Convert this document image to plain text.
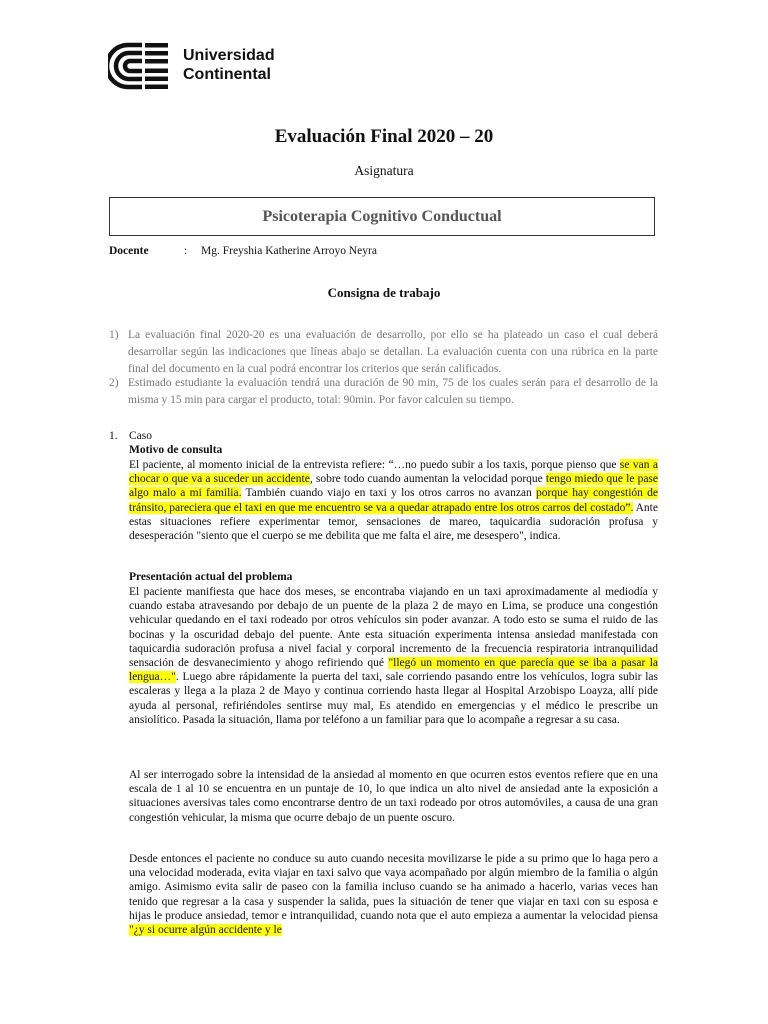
Universidad
Continental
Evaluación Final 2020 – 20
Asignatura
Psicoterapia Cognitivo Conductual
Docente	: Mg. Freyshia Katherine Arroyo Neyra
Consigna de trabajo
1) La evaluación final 2020-20 es una evaluación de desarrollo, por ello se ha plateado un caso el cual deberá desarrollar según las indicaciones que líneas abajo se detallan. La evaluación cuenta con una rúbrica en la parte final del documento en la cual podrá encontrar los criterios que serán calificados.
2) Estimado estudiante la evaluación tendrá una duración de 90 min, 75 de los cuales serán para el desarrollo de la misma y 15 min para cargar el producto, total: 90min. Por favor calculen su tiempo.
1. Caso
Motivo de consulta
El paciente, al momento inicial de la entrevista refiere: “…no puedo subir a los taxis, porque pienso que se van a chocar o que va a suceder un accidente, sobre todo cuando aumentan la velocidad porque tengo miedo que le pase algo malo a mi familia. También cuando viajo en taxi y los otros carros no avanzan porque hay congestión de tránsito, pareciera que el taxi en que me encuentro se va a quedar atrapado entre los otros carros del costado”. Ante estas situaciones refiere experimentar temor, sensaciones de mareo, taquicardia sudoración profusa y desesperación "siento que el cuerpo se me debilita que me falta el aire, me desespero", indica.
Presentación actual del problema
El paciente manifiesta que hace dos meses, se encontraba viajando en un taxi aproximadamente al mediodía y cuando estaba atravesando por debajo de un puente de la plaza 2 de mayo en Lima, se produce una congestión vehicular quedando en el taxi rodeado por otros vehículos sin poder avanzar. A todo esto se suma el ruido de las bocinas y la oscuridad debajo del puente. Ante esta situación experimenta intensa ansiedad manifestada con taquicardia sudoración profusa a nivel facial y corporal incremento de la frecuencia respiratoria intranquilidad sensación de desvanecimiento y ahogo refiriendo qué "llegó un momento en que parecía que se iba a pasar la lengua…". Luego abre rápidamente la puerta del taxi, sale corriendo pasando entre los vehículos, logra subir las escaleras y llega a la plaza 2 de Mayo y continua corriendo hasta llegar al Hospital Arzobispo Loayza, allí pide ayuda al personal, refiriéndoles sentirse muy mal, Es atendido en emergencias y el médico le prescribe un ansiolítico. Pasada la situación, llama por teléfono a un familiar para que lo acompañe a regresar a su casa.
Al ser interrogado sobre la intensidad de la ansiedad al momento en que ocurren estos eventos refiere que en una escala de 1 al 10 se encuentra en un puntaje de 10, lo que indica un alto nivel de ansiedad ante la exposición a situaciones aversivas tales como encontrarse dentro de un taxi rodeado por otros automóviles, a causa de una gran congestión vehicular, la misma que ocurre debajo de un puente oscuro.
Desde entonces el paciente no conduce su auto cuando necesita movilizarse le pide a su primo que lo haga pero a una velocidad moderada, evita viajar en taxi salvo que vaya acompañado por algún miembro de la familia o algún amigo. Asimismo evita salir de paseo con la familia incluso cuando se ha animado a hacerlo, varias veces han tenido que regresar a la casa y suspender la salida, pues la situación de tener que viajar en taxi con su esposa e hijas le produce ansiedad, temor e intranquilidad, cuando nota que el auto empieza a aumentar la velocidad piensa "¿y si ocurre algún accidente y le
